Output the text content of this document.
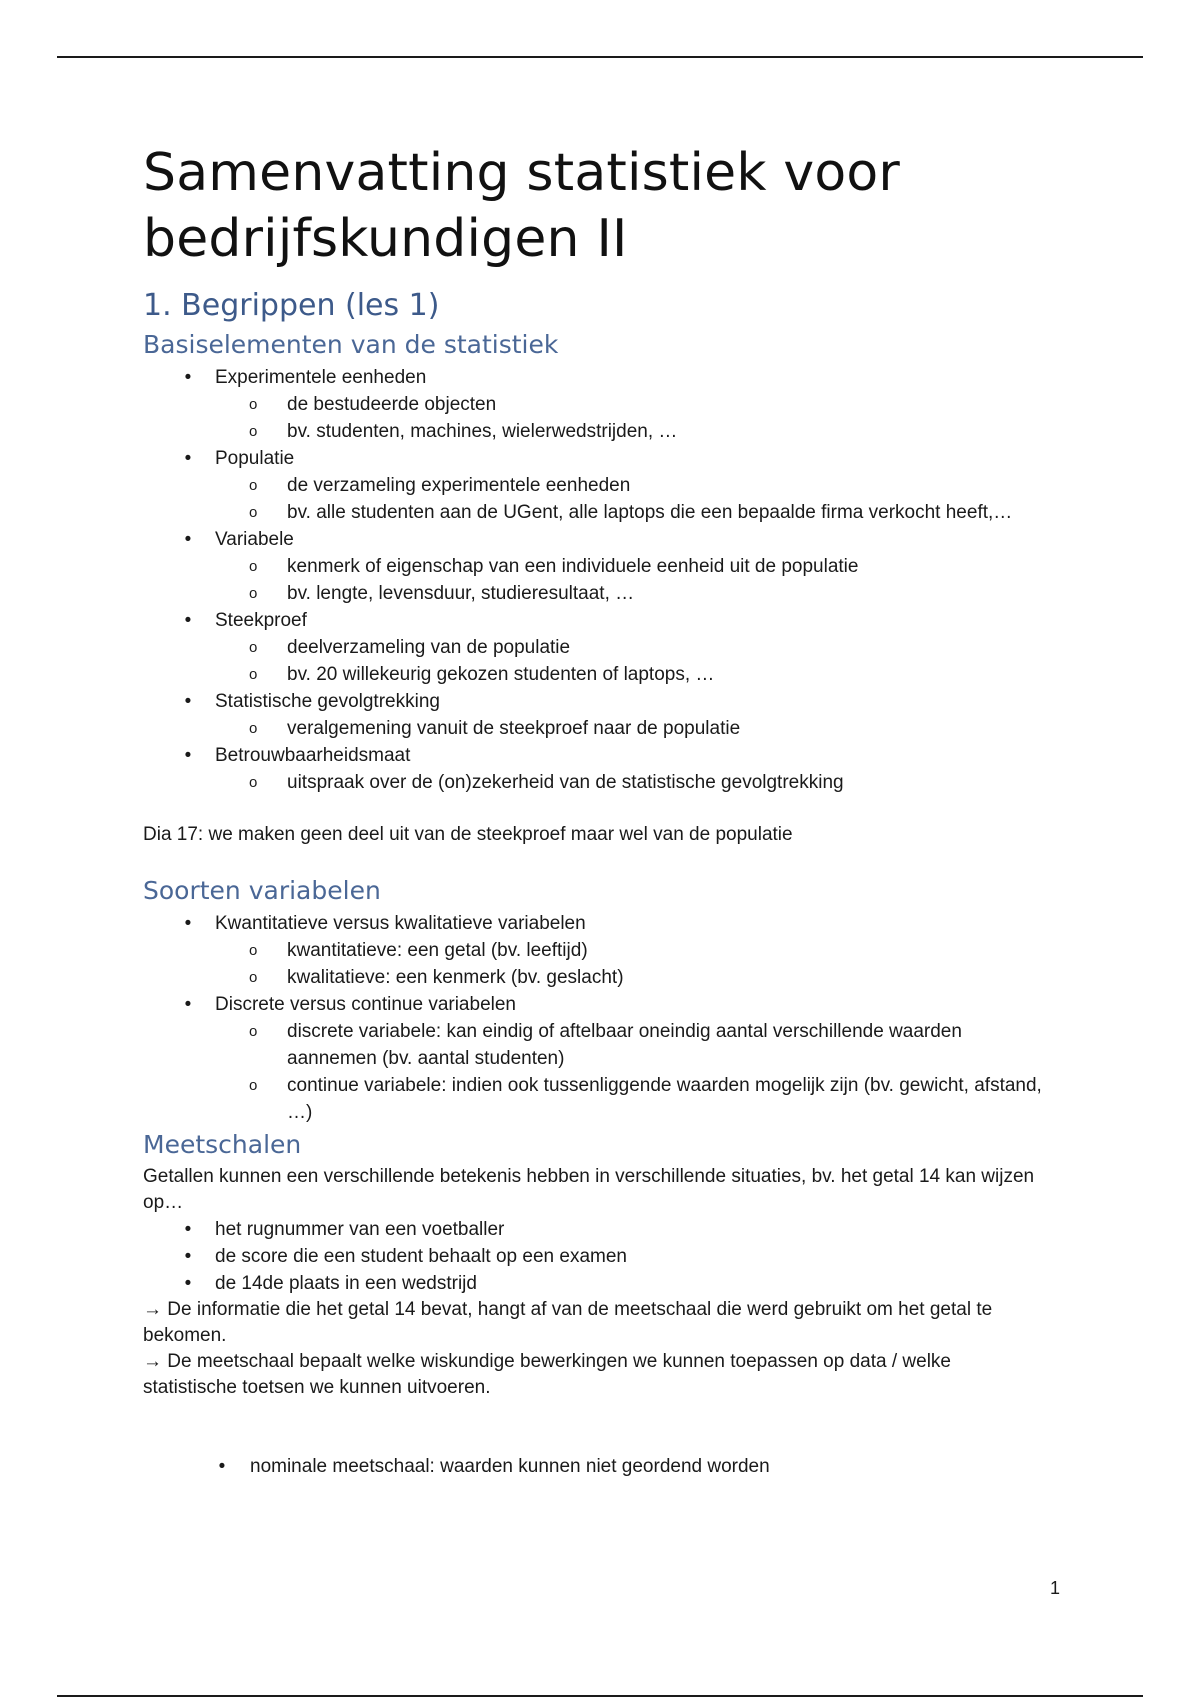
Samenvatting statistiek voor bedrijfskundigen II
1. Begrippen (les 1)
Basiselementen van de statistiek
• Experimentele eenheden
o de bestudeerde objecten
o bv. studenten, machines, wielerwedstrijden, …
• Populatie
o de verzameling experimentele eenheden
o bv. alle studenten aan de UGent, alle laptops die een bepaalde firma verkocht heeft,…
• Variabele
o kenmerk of eigenschap van een individuele eenheid uit de populatie
o bv. lengte, levensduur, studieresultaat, …
• Steekproef
o deelverzameling van de populatie
o bv. 20 willekeurig gekozen studenten of laptops, …
• Statistische gevolgtrekking
o veralgemening vanuit de steekproef naar de populatie
• Betrouwbaarheidsmaat
o uitspraak over de (on)zekerheid van de statistische gevolgtrekking

Dia 17: we maken geen deel uit van de steekproef maar wel van de populatie

Soorten variabelen
• Kwantitatieve versus kwalitatieve variabelen
o kwantitatieve: een getal (bv. leeftijd)
o kwalitatieve: een kenmerk (bv. geslacht)
• Discrete versus continue variabelen
o discrete variabele: kan eindig of aftelbaar oneindig aantal verschillende waarden aannemen (bv. aantal studenten)
o continue variabele: indien ook tussenliggende waarden mogelijk zijn (bv. gewicht, afstand, …)
Meetschalen

Getallen kunnen een verschillende betekenis hebben in verschillende situaties, bv. het getal 14 kan wijzen op…

• het rugnummer van een voetballer
• de score die een student behaalt op een examen
• de 14de plaats in een wedstrijd

→ De informatie die het getal 14 bevat, hangt af van de meetschaal die werd gebruikt om het getal te bekomen.

→ De meetschaal bepaalt welke wiskundige bewerkingen we kunnen toepassen op data / welke statistische toetsen we kunnen uitvoeren.

• nominale meetschaal: waarden kunnen niet geordend worden
1
